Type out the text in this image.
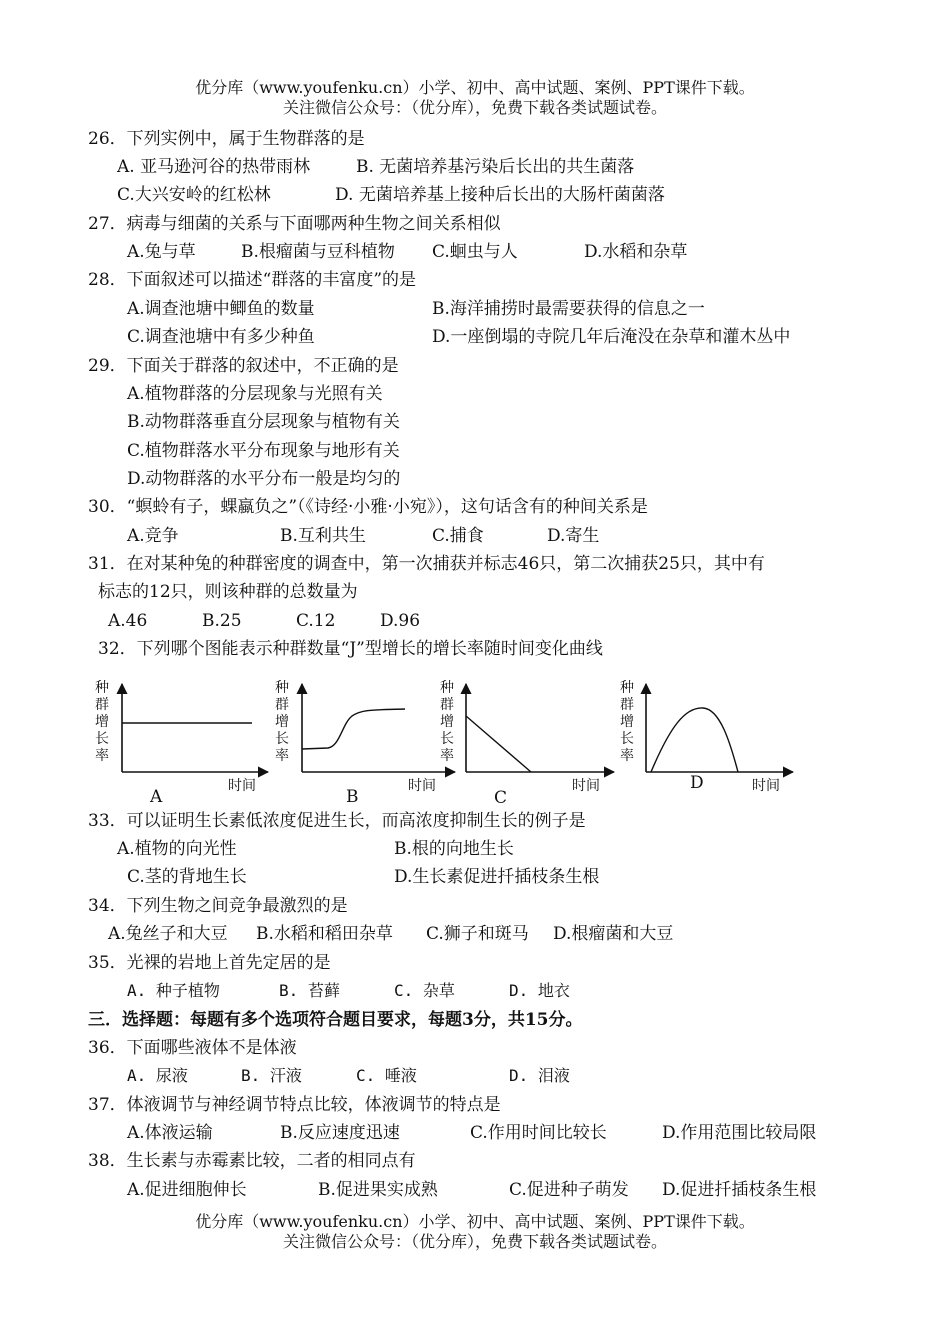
优分库（www.youfenku.cn）小学、初中、高中试题、案例、PPT课件下载。
关注微信公众号：（优分库），免费下载各类试题试卷。
26．下列实例中，属于生物群落的是
A. 亚马逊河谷的热带雨林	B. 无菌培养基污染后长出的共生菌落
C.大兴安岭的红松林	D. 无菌培养基上接种后长出的大肠杆菌菌落
27．病毒与细菌的关系与下面哪两种生物之间关系相似
A.兔与草	B.根瘤菌与豆科植物 C.蛔虫与人	D.水稻和杂草
28．下面叙述可以描述“群落的丰富度”的是
A.调查池塘中鲫鱼的数量	B.海洋捕捞时最需要获得的信息之一
C.调查池塘中有多少种鱼	D.一座倒塌的寺院几年后淹没在杂草和灌木丛中
29．下面关于群落的叙述中，不正确的是
A.植物群落的分层现象与光照有关
B.动物群落垂直分层现象与植物有关
C.植物群落水平分布现象与地形有关
D.动物群落的水平分布一般是均匀的
30．“螟蛉有子，蜾蠃负之”（《诗经·小雅·小宛》），这句话含有的种间关系是
A.竞争	B.互利共生	C.捕食	D.寄生
31．在对某种兔的种群密度的调查中，第一次捕获并标志46只，第二次捕获25只，其中有
标志的12只，则该种群的总数量为
A.46	B.25	C.12	D.96
32．下列哪个图能表示种群数量“J”型增长的增长率随时间变化曲线
种
群
增
长
率
时间
A
种
群
增
长
率
时间
B
种
群
增
长
率
时间
C
种
群
增
长
率
时间
D
33．可以证明生长素低浓度促进生长，而高浓度抑制生长的例子是
A.植物的向光性	B.根的向地生长
C.茎的背地生长	D.生长素促进扦插枝条生根
34．下列生物之间竞争最激烈的是
A.兔丝子和大豆 B.水稻和稻田杂草 C.狮子和斑马 D.根瘤菌和大豆
35．光裸的岩地上首先定居的是
A. 种子植物	B. 苔藓	C. 杂草	D. 地衣
三．选择题：每题有多个选项符合题目要求，每题3分，共15分。
36．下面哪些液体不是体液
A. 尿液	B. 汗液	C. 唾液	D. 泪液
37．体液调节与神经调节特点比较，体液调节的特点是
A.体液运输	B.反应速度迅速	C.作用时间比较长	D.作用范围比较局限
38．生长素与赤霉素比较，二者的相同点有
A.促进细胞伸长	B.促进果实成熟	C.促进种子萌发 D.促进扦插枝条生根
优分库（www.youfenku.cn）小学、初中、高中试题、案例、PPT课件下载。
关注微信公众号：（优分库），免费下载各类试题试卷。
